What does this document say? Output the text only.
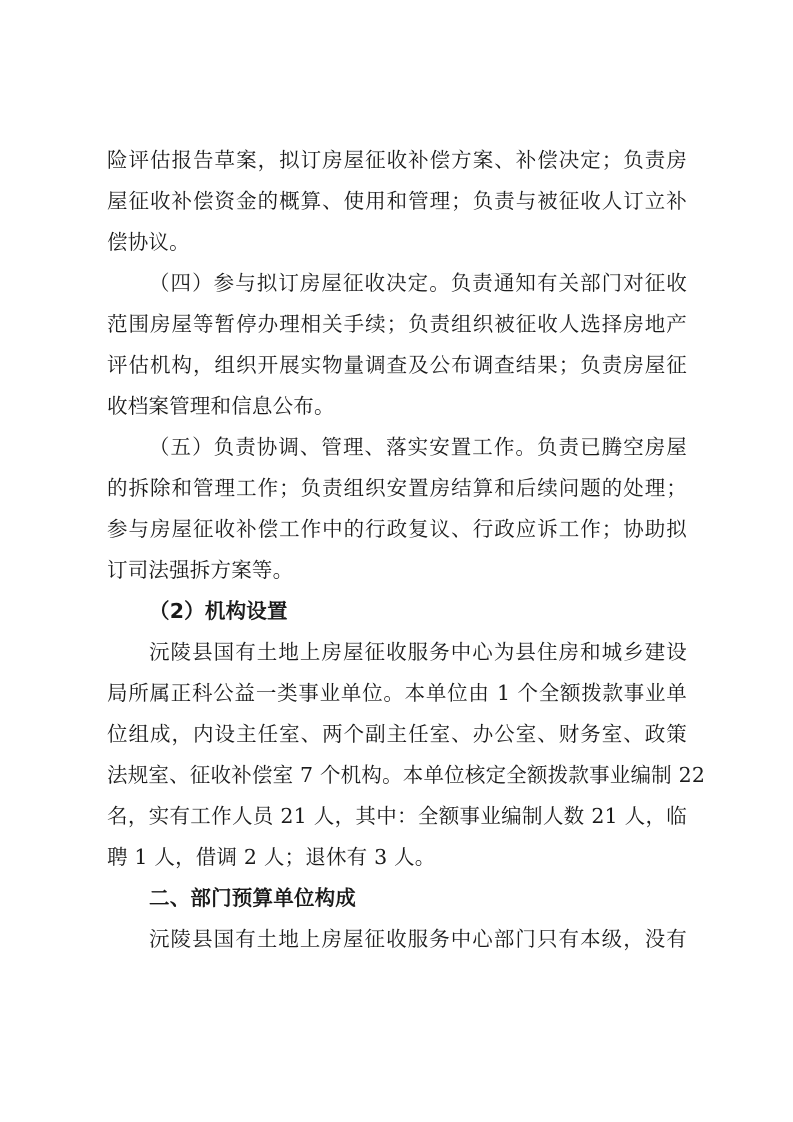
险评估报告草案，拟订房屋征收补偿方案、补偿决定；负责房
屋征收补偿资金的概算、使用和管理；负责与被征收人订立补
偿协议。
（四）参与拟订房屋征收决定。负责通知有关部门对征收
范围房屋等暂停办理相关手续；负责组织被征收人选择房地产
评估机构，组织开展实物量调查及公布调查结果；负责房屋征
收档案管理和信息公布。
（五）负责协调、管理、落实安置工作。负责已腾空房屋
的拆除和管理工作；负责组织安置房结算和后续问题的处理；
参与房屋征收补偿工作中的行政复议、行政应诉工作；协助拟
订司法强拆方案等。
（2）机构设置
沅陵县国有土地上房屋征收服务中心为县住房和城乡建设
局所属正科公益一类事业单位。本单位由 1 个全额拨款事业单
位组成，内设主任室、两个副主任室、办公室、财务室、政策
法规室、征收补偿室 7 个机构。本单位核定全额拨款事业编制 22
名，实有工作人员 21 人，其中：全额事业编制人数 21 人，临
聘 1 人，借调 2 人；退休有 3 人。
二、部门预算单位构成
沅陵县国有土地上房屋征收服务中心部门只有本级，没有
